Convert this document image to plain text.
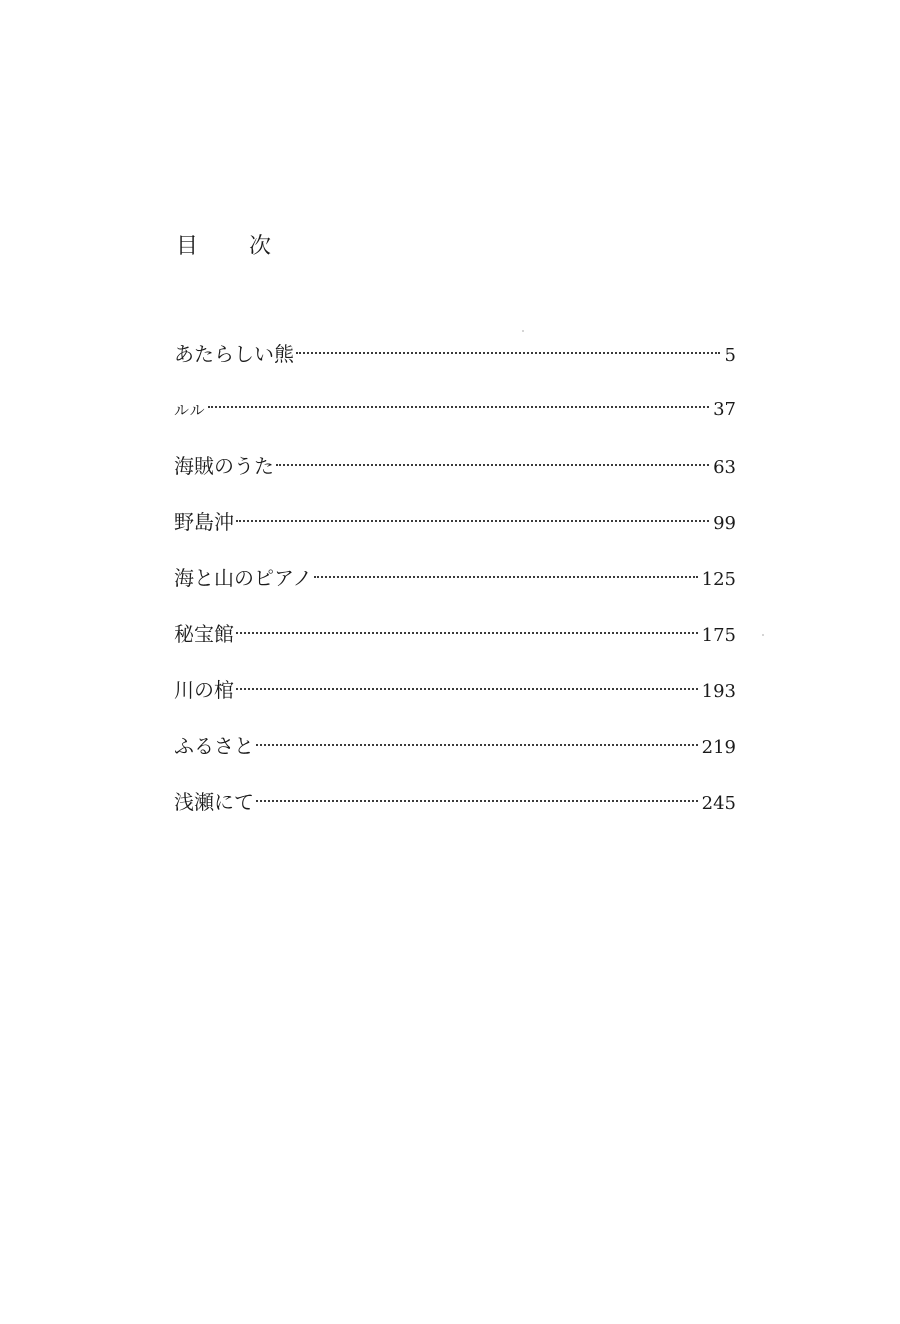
目 次
あたらしい熊	5
ルル	37
海賊のうた	63
野島沖	99
海と山のピアノ	125
秘宝館	175
川の棺	193
ふるさと	219
浅瀬にて	245
